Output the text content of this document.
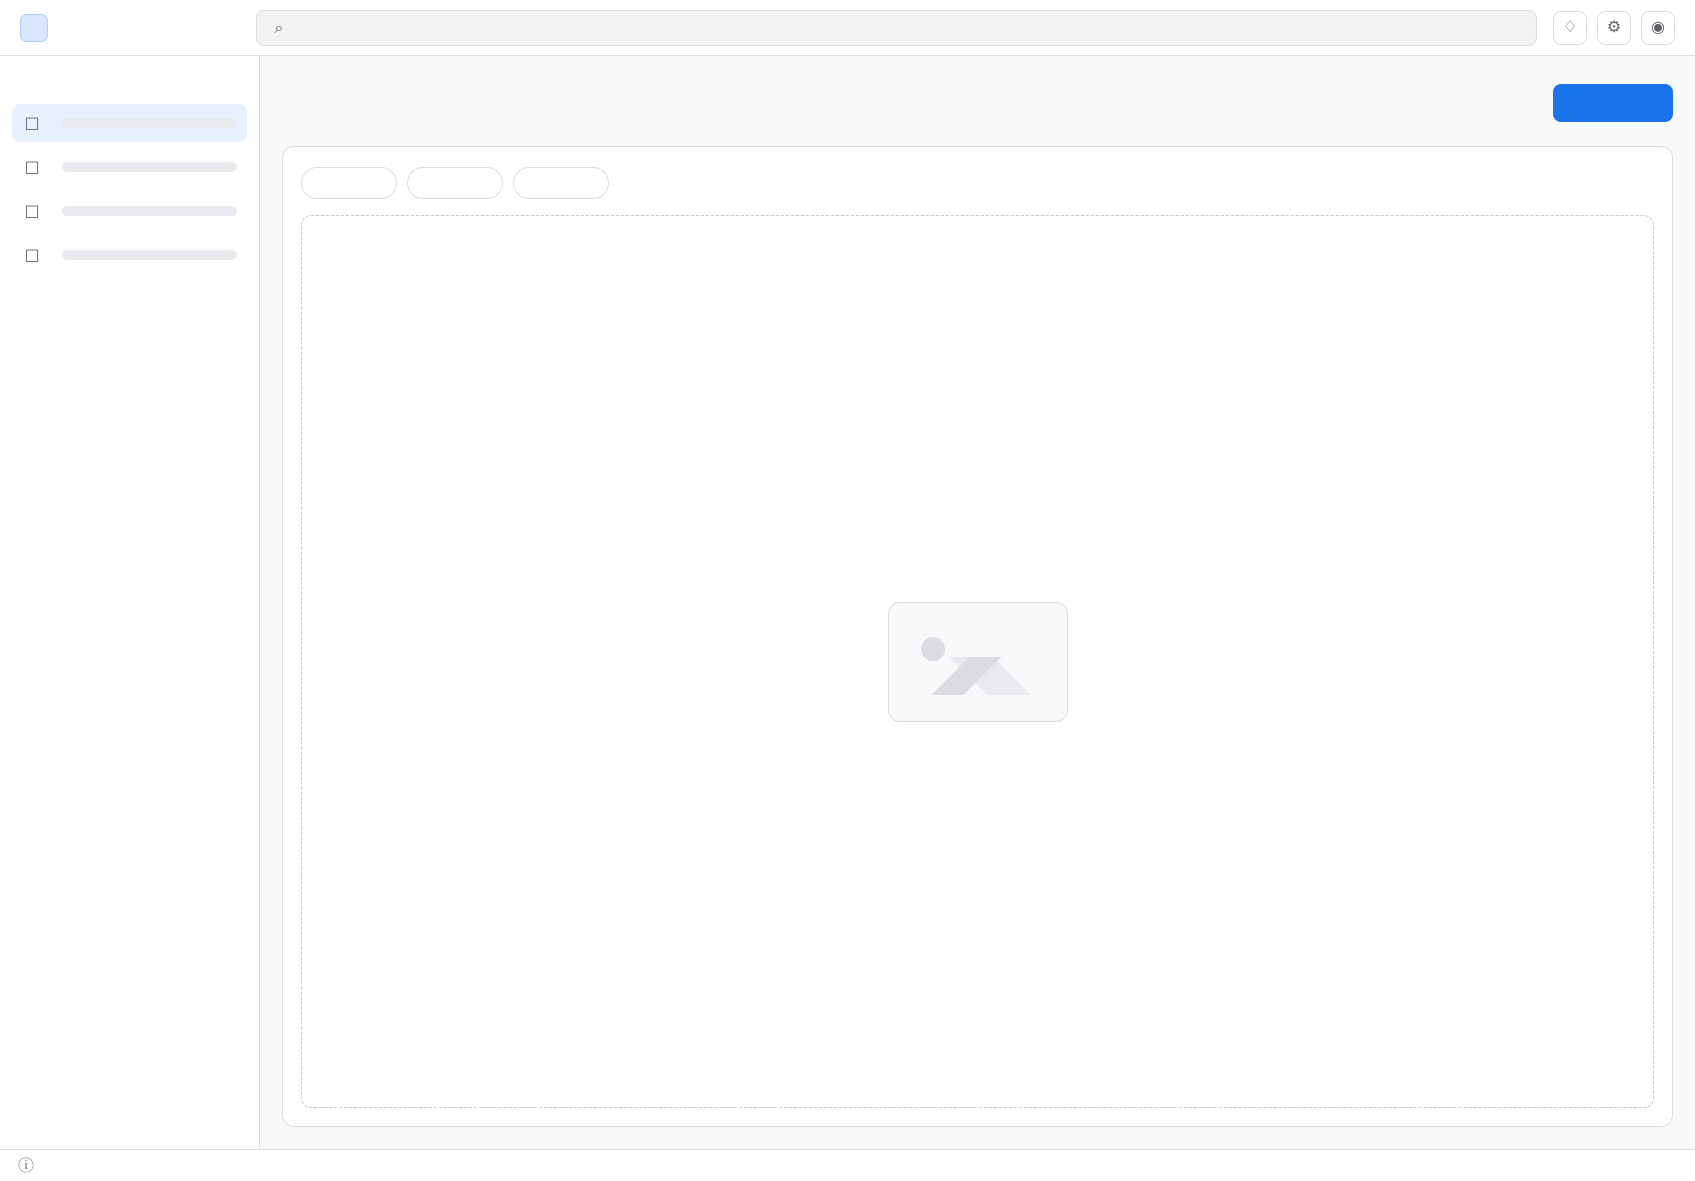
⌕	♢ ⚙ ◉
□
□
□
□
ⓘ
